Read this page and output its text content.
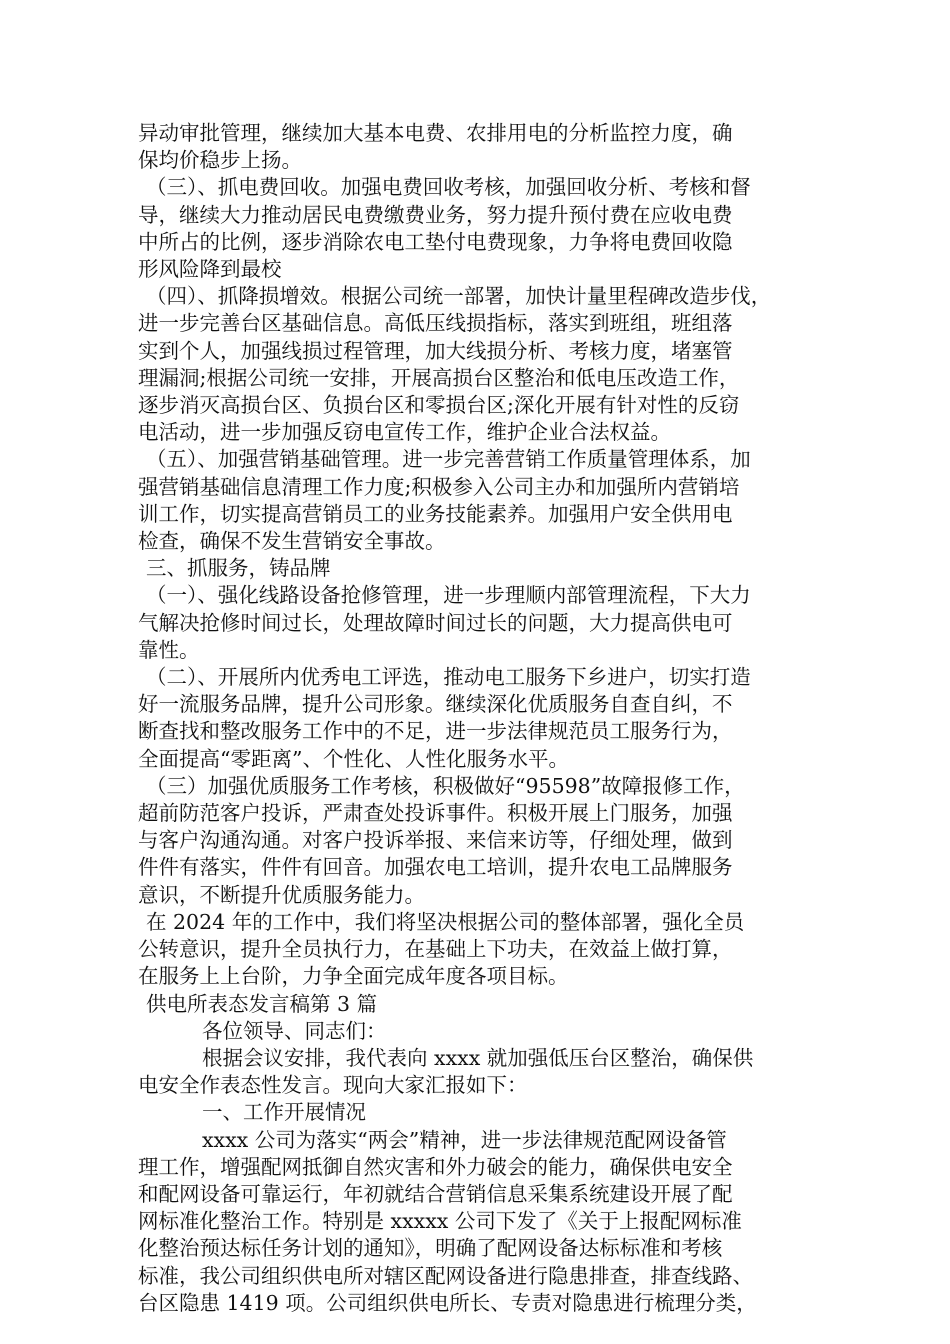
异动审批管理，继续加大基本电费、农排用电的分析监控力度，确
保均价稳步上扬。
（三）、抓电费回收。加强电费回收考核，加强回收分析、考核和督
导，继续大力推动居民电费缴费业务，努力提升预付费在应收电费
中所占的比例，逐步消除农电工垫付电费现象，力争将电费回收隐
形风险降到最校
（四）、抓降损增效。根据公司统一部署，加快计量里程碑改造步伐，
进一步完善台区基础信息。高低压线损指标，落实到班组，班组落
实到个人，加强线损过程管理，加大线损分析、考核力度，堵塞管
理漏洞;根据公司统一安排，开展高损台区整治和低电压改造工作，
逐步消灭高损台区、负损台区和零损台区;深化开展有针对性的反窃
电活动，进一步加强反窃电宣传工作，维护企业合法权益。
（五）、加强营销基础管理。进一步完善营销工作质量管理体系，加
强营销基础信息清理工作力度;积极参入公司主办和加强所内营销培
训工作，切实提高营销员工的业务技能素养。加强用户安全供用电
检查，确保不发生营销安全事故。
三、抓服务，铸品牌
（一）、强化线路设备抢修管理，进一步理顺内部管理流程，下大力
气解决抢修时间过长，处理故障时间过长的问题，大力提高供电可
靠性。
（二）、开展所内优秀电工评选，推动电工服务下乡进户，切实打造
好一流服务品牌，提升公司形象。继续深化优质服务自查自纠，不
断查找和整改服务工作中的不足，进一步法律规范员工服务行为，
全面提高“零距离”、个性化、人性化服务水平。
（三）加强优质服务工作考核，积极做好“95598”故障报修工作，
超前防范客户投诉，严肃查处投诉事件。积极开展上门服务，加强
与客户沟通沟通。对客户投诉举报、来信来访等，仔细处理，做到
件件有落实，件件有回音。加强农电工培训，提升农电工品牌服务
意识，不断提升优质服务能力。
在 2024 年的工作中，我们将坚决根据公司的整体部署，强化全员
公转意识，提升全员执行力，在基础上下功夫，在效益上做打算，
在服务上上台阶，力争全面完成年度各项目标。
供电所表态发言稿第 3 篇
各位领导、同志们：
根据会议安排，我代表向 xxxx 就加强低压台区整治，确保供
电安全作表态性发言。现向大家汇报如下：
一、工作开展情况
xxxx 公司为落实“两会”精神，进一步法律规范配网设备管
理工作，增强配网抵御自然灾害和外力破会的能力，确保供电安全
和配网设备可靠运行，年初就结合营销信息采集系统建设开展了配
网标准化整治工作。特别是 xxxxx 公司下发了《关于上报配网标准
化整治预达标任务计划的通知》，明确了配网设备达标标准和考核
标准，我公司组织供电所对辖区配网设备进行隐患排查，排查线路、
台区隐患 1419 项。公司组织供电所长、专责对隐患进行梳理分类，
